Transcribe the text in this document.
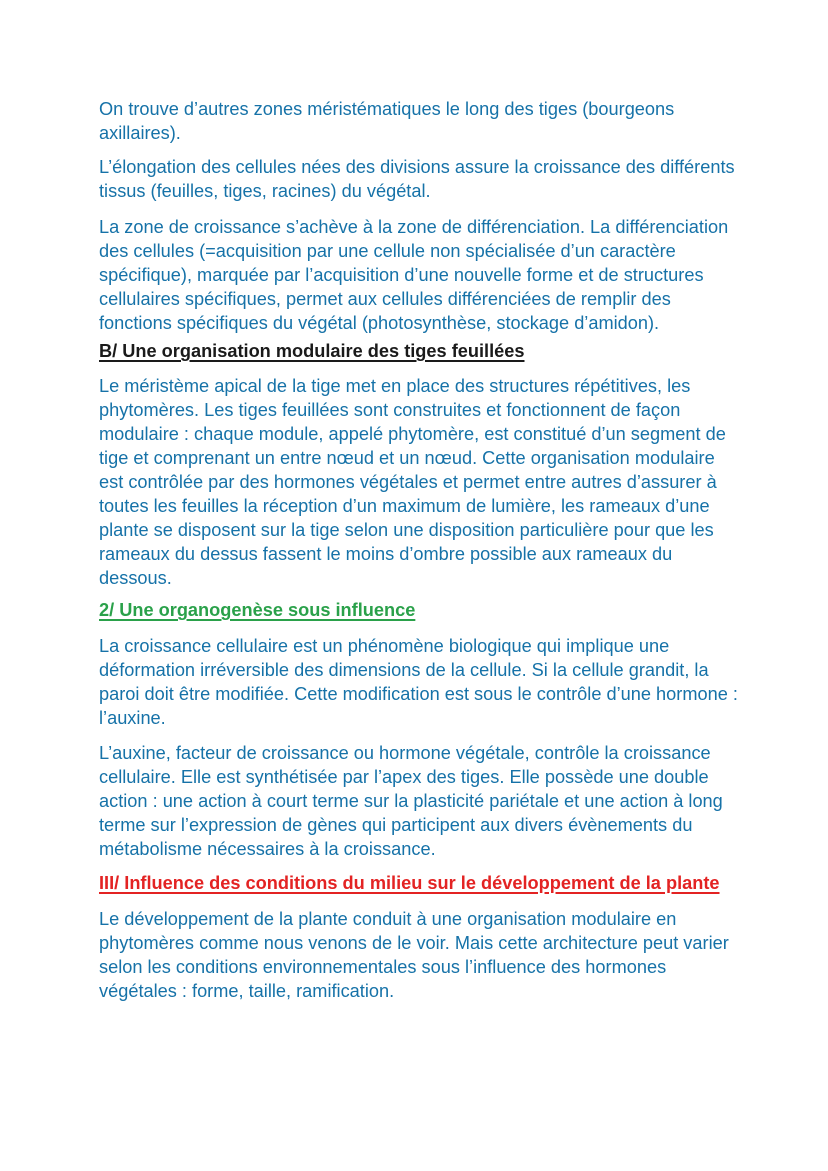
On trouve d’autres zones méristématiques le long des tiges (bourgeons axillaires).

L’élongation des cellules nées des divisions assure la croissance des différents tissus (feuilles, tiges, racines) du végétal.

La zone de croissance s’achève à la zone de différenciation. La différenciation des cellules (=acquisition par une cellule non spécialisée d’un caractère spécifique), marquée par l’acquisition d’une nouvelle forme et de structures cellulaires spécifiques, permet aux cellules différenciées de remplir des fonctions spécifiques du végétal (photosynthèse, stockage d’amidon).

B/ Une organisation modulaire des tiges feuillées

Le méristème apical de la tige met en place des structures répétitives, les phytomères. Les tiges feuillées sont construites et fonctionnent de façon modulaire : chaque module, appelé phytomère, est constitué d’un segment de tige et comprenant un entre nœud et un nœud. Cette organisation modulaire est contrôlée par des hormones végétales et permet entre autres d’assurer à toutes les feuilles la réception d’un maximum de lumière, les rameaux d’une plante se disposent sur la tige selon une disposition particulière pour que les rameaux du dessus fassent le moins d’ombre possible aux rameaux du dessous.

2/ Une organogenèse sous influence

La croissance cellulaire est un phénomène biologique qui implique une déformation irréversible des dimensions de la cellule. Si la cellule grandit, la paroi doit être modifiée. Cette modification est sous le contrôle d’une hormone : l’auxine.

L’auxine, facteur de croissance ou hormone végétale, contrôle la croissance cellulaire. Elle est synthétisée par l’apex des tiges. Elle possède une double action : une action à court terme sur la plasticité pariétale et une action à long terme sur l’expression de gènes qui participent aux divers évènements du métabolisme nécessaires à la croissance.

III/ Influence des conditions du milieu sur le développement de la plante

Le développement de la plante conduit à une organisation modulaire en phytomères comme nous venons de le voir. Mais cette architecture peut varier selon les conditions environnementales sous l’influence des hormones végétales : forme, taille, ramification.
